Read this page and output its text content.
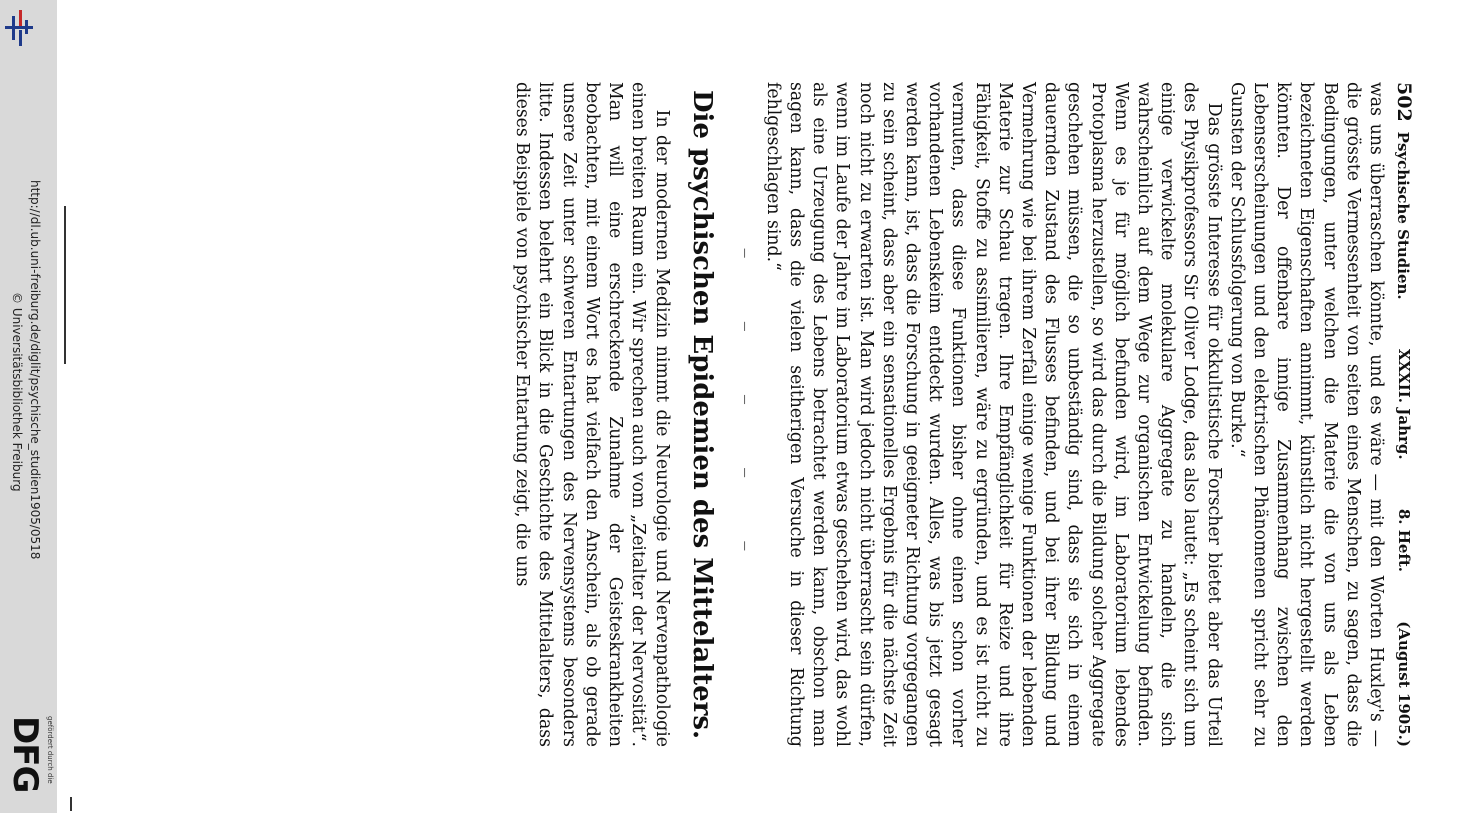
http://dl.ub.uni-freiburg.de/diglit/psychische_studien1905/0518
© Universitätsbibliothek Freiburg
gefördert durch die
DFG
502Psychische Studien.
XXXII. Jahrg.
8. Heft.
(August 1905.)

was uns überraschen könnte, und es wäre — mit den Worten Huxley's — die grösste Vermessenheit von seiten eines Menschen, zu sagen, dass die Bedingungen, unter welchen die Materie die von uns als Leben bezeichneten Eigenschaften annimmt, künstlich nicht hergestellt werden könnten. Der offenbare innige Zusammenhang zwischen den Lebenserscheinungen und den elektrischen Phänomenen spricht sehr zu Gunsten der Schlussfolgerung von Burke.“

Das grösste Interesse für okkultistische Forscher bietet aber das Urteil des Physikprofessors Sir Oliver Lodge, das also lautet: „Es scheint sich um einige verwickelte molekulare Aggregate zu handeln, die sich wahrscheinlich auf dem Wege zur organischen Entwickelung befinden. Wenn es je für möglich befunden wird, im Laboratorium lebendes Protoplasma herzustellen, so wird das durch die Bildung solcher Aggregate geschehen müssen, die so unbeständig sind, dass sie sich in einem dauernden Zustand des Flusses befinden, und bei ihrer Bildung und Vermehrung wie bei ihrem Zerfall einige wenige Funktionen der lebenden Materie zur Schau tragen. Ihre Empfänglichkeit für Reize und ihre Fähigkeit, Stoffe zu assimilieren, wäre zu ergründen, und es ist nicht zu vermuten, dass diese Funktionen bisher ohne einen schon vorher vorhandenen Lebenskeim entdeckt wurden. Alles, was bis jetzt gesagt werden kann, ist, dass die Forschung in geeigneter Richtung vorgegangen zu sein scheint, dass aber ein sensationelles Ergebnis für die nächste Zeit noch nicht zu erwarten ist. Man wird jedoch nicht überrascht sein dürfen, wenn im Laufe der Jahre im Laboratorium etwas geschehen wird, das wohl als eine Urzeugung des Lebens betrachtet werden kann, obschon man sagen kann, dass die vielen seitherigen Versuche in dieser Richtung fehlgeschlagen sind.“

— — — — —
Die psychischen Epidemien des Mittelalters.

In der modernen Medizin nimmt die Neurologie und Nervenpathologie einen breiten Raum ein. Wir sprechen auch vom „Zeitalter der Nervosität“. Man will eine erschreckende Zunahme der Geisteskrankheiten beobachten, mit einem Wort es hat vielfach den Anschein, als ob gerade unsere Zeit unter schweren Entartungen des Nervensystems besonders litte. Indessen belehrt ein Blick in die Geschichte des Mittelalters, dass dieses Beispiele von psychischer Entartung zeigt, die uns
